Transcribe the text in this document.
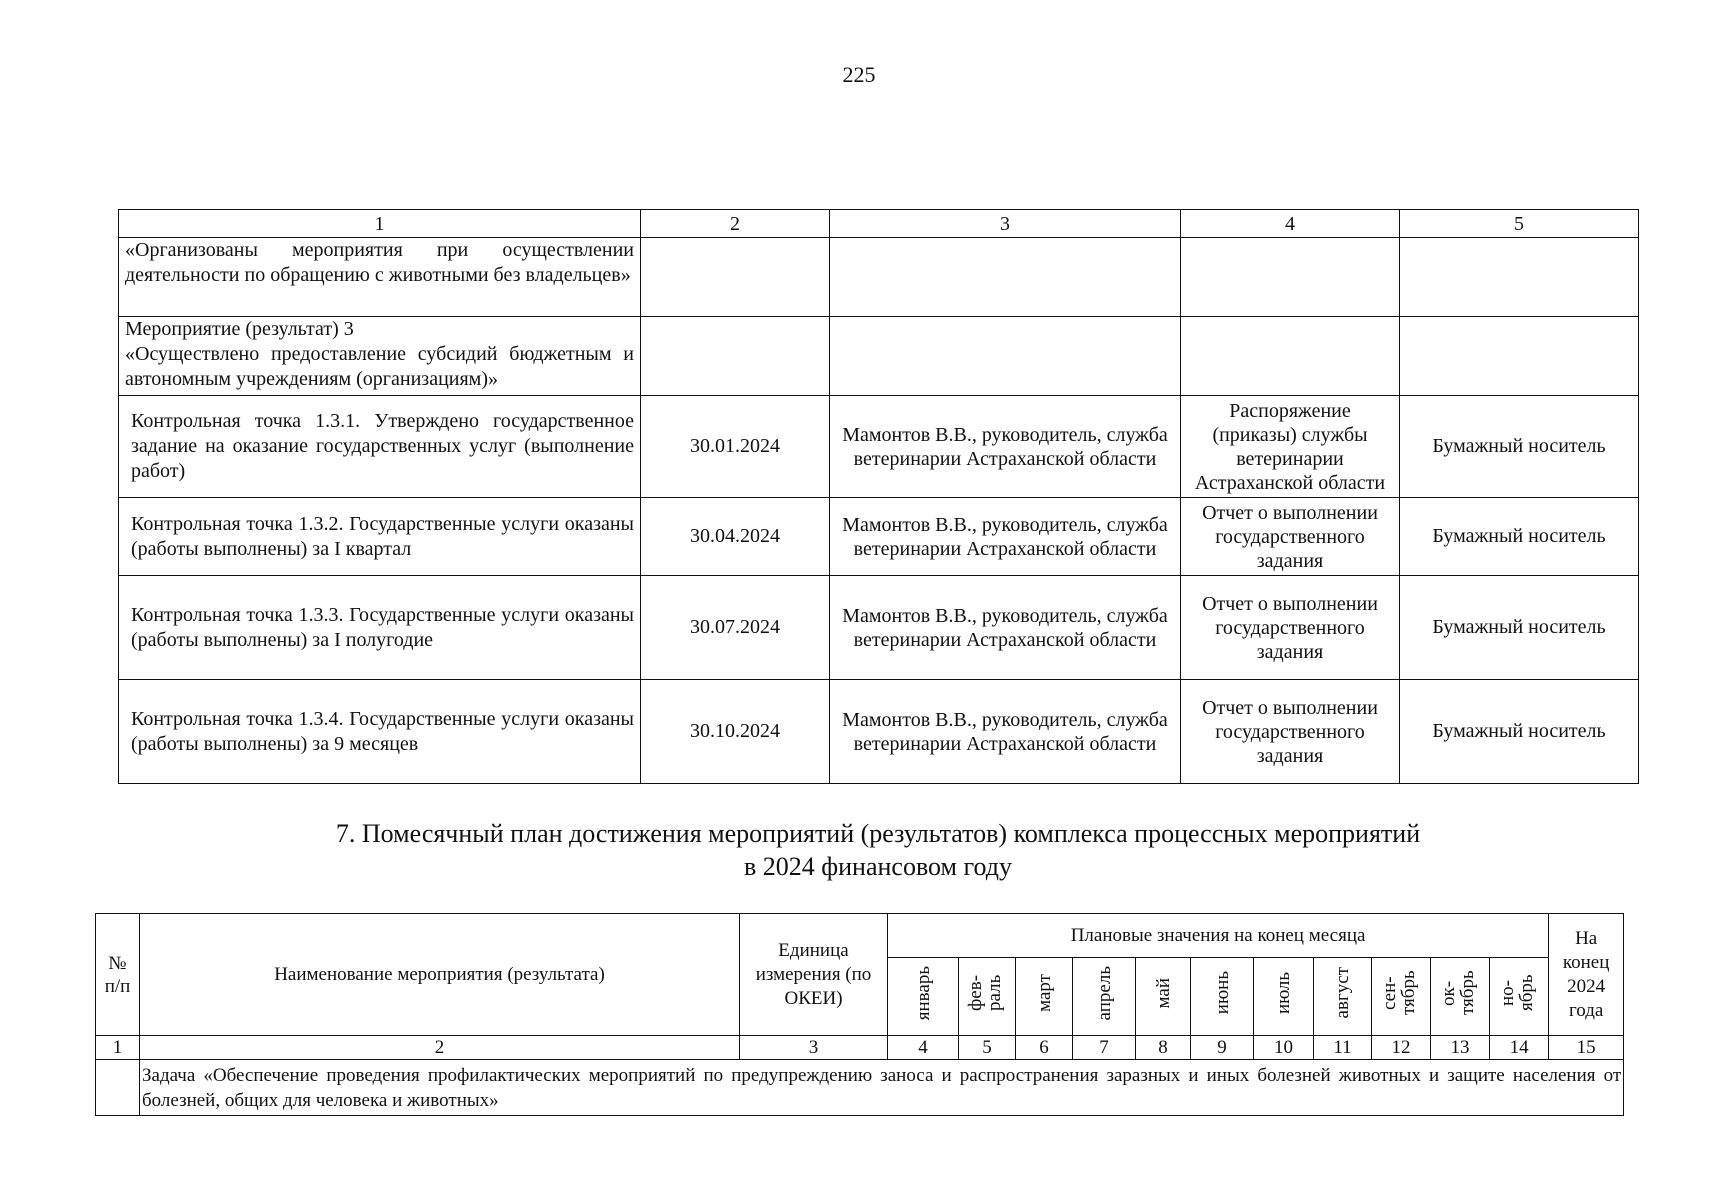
225
1	2	3	4	5
«Организованы мероприятия при осуществлении деятельности по обращению с животными без владельцев»				

Мероприятие (результат) 3
«Осуществлено предоставление субсидий бюджетным и автономным учреждениям (организациям)»				

Контрольная точка 1.3.1. Утверждено государственное задание на оказание государственных услуг (выполнение работ)	30.01.2024	Мамонтов В.В., руководитель, служба ветеринарии Астраханской области	Распоряжение (приказы) службы ветеринарии Астраханской области	Бумажный носитель
Контрольная точка 1.3.2. Государственные услуги оказаны (работы выполнены) за I квартал	30.04.2024	Мамонтов В.В., руководитель, служба ветеринарии Астраханской области	Отчет о выполнении государственного задания	Бумажный носитель
Контрольная точка 1.3.3. Государственные услуги оказаны (работы выполнены) за I полугодие	30.07.2024	Мамонтов В.В., руководитель, служба ветеринарии Астраханской области	Отчет о выполнении государственного задания	Бумажный носитель
Контрольная точка 1.3.4. Государственные услуги оказаны (работы выполнены) за 9 месяцев	30.10.2024	Мамонтов В.В., руководитель, служба ветеринарии Астраханской области	Отчет о выполнении государственного задания	Бумажный носитель
7. Помесячный план достижения мероприятий (результатов) комплекса процессных мероприятий
в 2024 финансовом году
№ п/п	Наименование мероприятия (результата)	Единица измерения (по ОКЕИ)	Плановые значения на конец месяца											На конец 2024 года
			январь	фев-раль	март	апрель	май	июнь	июль	август	сен-тябрь	ок-тябрь	но-ябрь	
1	2	3	4	5	6	7	8	9	10	11	12	13	14	15
	Задача «Обеспечение проведения профилактических мероприятий по предупреждению заноса и распространения заразных и иных болезней животных и защите населения от болезней, общих для человека и животных»													
